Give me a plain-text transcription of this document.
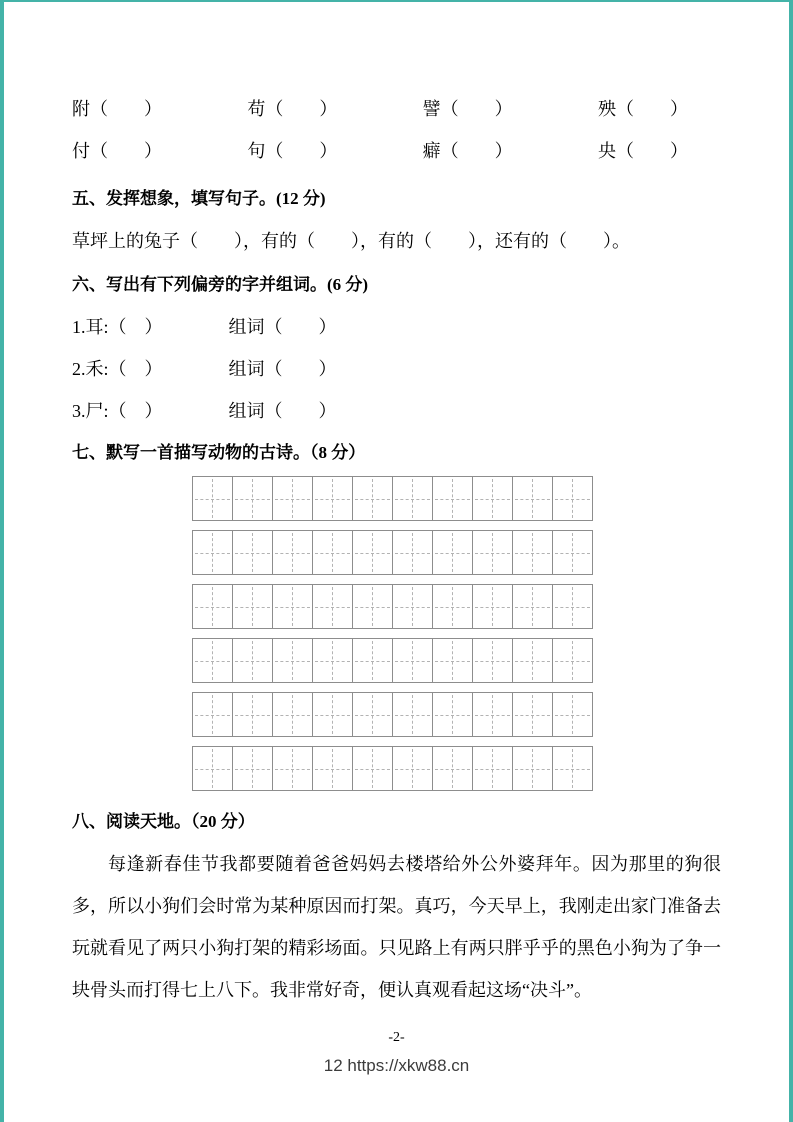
附（　　）	苟（　　）	譬（　　）	殃（　　）
付（　　）	句（　　）	癖（　　）	央（　　）
五、发挥想象，填写句子。(12 分)

草坪上的兔子（　　），有的（　　），有的（　　），还有的（　　）。

六、写出有下列偏旁的字并组词。(6 分)

1.耳:（　）	组词（　　）

2.禾:（　）	组词（　　）

3.尸:（　）	组词（　　）

七、默写一首描写动物的古诗。（8 分）
八、阅读天地。（20 分）

每逢新春佳节我都要随着爸爸妈妈去楼塔给外公外婆拜年。因为那里的狗很多，所以小狗们会时常为某种原因而打架。真巧，今天早上，我刚走出家门准备去玩就看见了两只小狗打架的精彩场面。只见路上有两只胖乎乎的黑色小狗为了争一块骨头而打得七上八下。我非常好奇，便认真观看起这场“决斗”。

-2-
12 https://xkw88.cn
